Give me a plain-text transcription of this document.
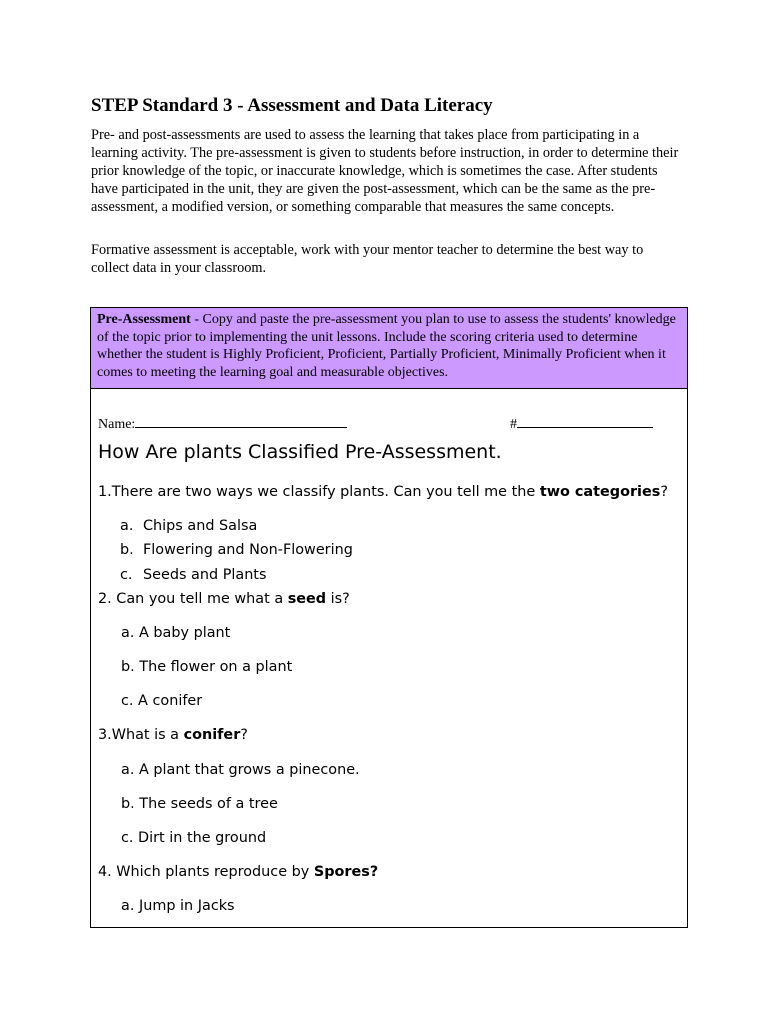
STEP Standard 3 - Assessment and Data Literacy

Pre- and post-assessments are used to assess the learning that takes place from participating in a learning activity. The pre-assessment is given to students before instruction, in order to determine their prior knowledge of the topic, or inaccurate knowledge, which is sometimes the case. After students have participated in the unit, they are given the post-assessment, which can be the same as the pre-assessment, a modified version, or something comparable that measures the same concepts.

Formative assessment is acceptable, work with your mentor teacher to determine the best way to collect data in your classroom.

Pre-Assessment - Copy and paste the pre-assessment you plan to use to assess the students' knowledge of the topic prior to implementing the unit lessons. Include the scoring criteria used to determine whether the student is Highly Proficient, Proficient, Partially Proficient, Minimally Proficient when it comes to meeting the learning goal and measurable objectives.
Name:	#
How Are plants Classified Pre-Assessment.
1.There are two ways we classify plants. Can you tell me the two categories?
a. Chips and Salsa
b. Flowering and Non-Flowering
c. Seeds and Plants
2. Can you tell me what a seed is?
a. A baby plant
b. The flower on a plant
c. A conifer
3.What is a conifer?
a. A plant that grows a pinecone.
b. The seeds of a tree
c. Dirt in the ground
4. Which plants reproduce by Spores?
a. Jump in Jacks
